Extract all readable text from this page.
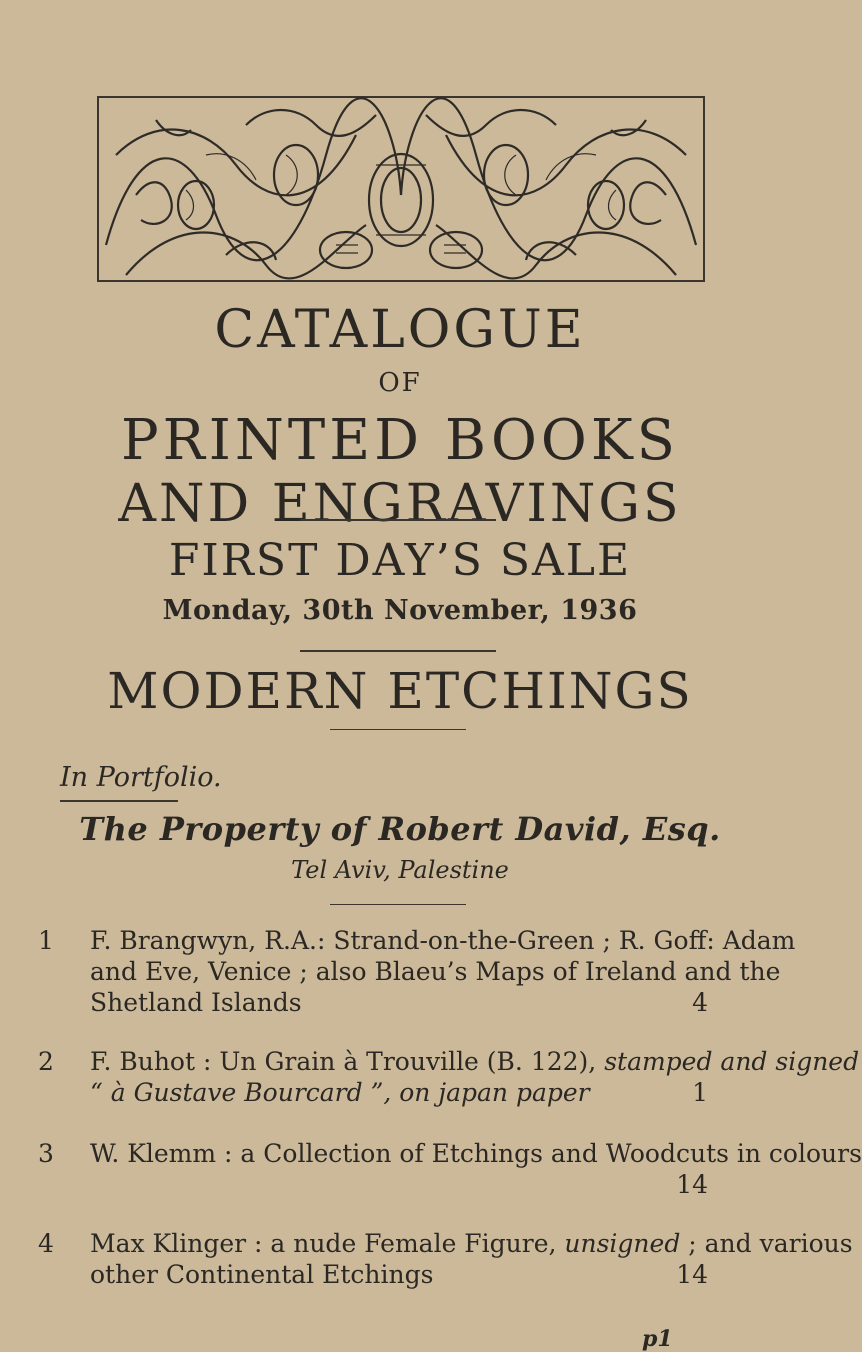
CATALOGUE
OF
PRINTED BOOKS
AND ENGRAVINGS
FIRST DAY’S SALE
Monday, 30th November, 1936
MODERN ETCHINGS
In Portfolio.
The Property of Robert David, Esq.
Tel Aviv, Palestine
1 F. Brangwyn, R.A.: Strand-on-the-Green ; R. Goff: Adam
and Eve, Venice ; also Blaeu’s Maps of Ireland and the
Shetland Islands	4
2 F. Buhot : Un Grain à Trouville (B. 122), stamped and signed
“ à Gustave Bourcard ”, on japan paper	1
3 W. Klemm : a Collection of Etchings and Woodcuts in colours
14
4 Max Klinger : a nude Female Figure, unsigned ; and various
other Continental Etchings	14
p1
